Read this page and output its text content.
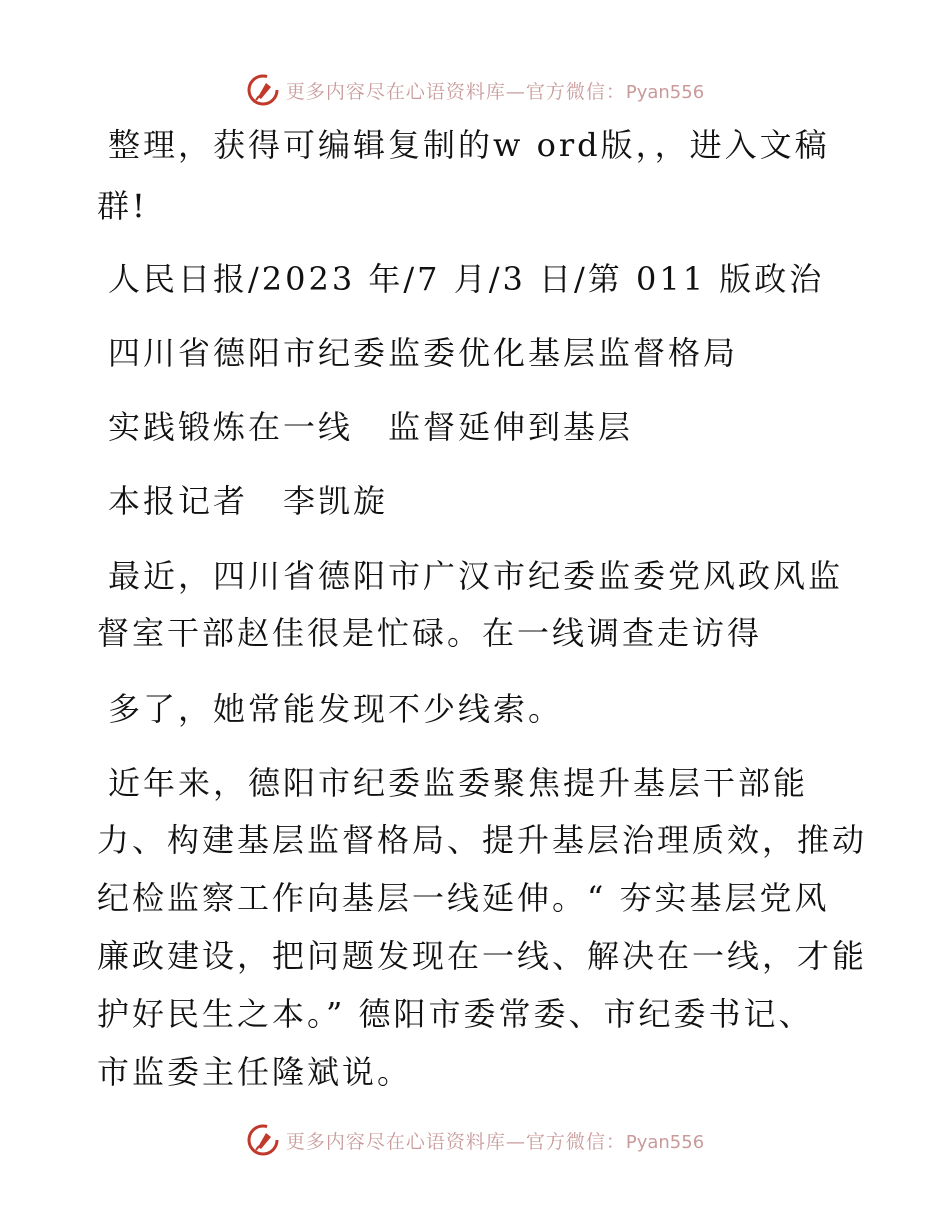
更多内容尽在心语资料库—官方微信：Pyan556
整理，获得可编辑复制的w ord版，，进入文稿
群!
人民日报/2023 年/7 月/3 日/第 011 版政治
四川省德阳市纪委监委优化基层监督格局
实践锻炼在一线　监督延伸到基层
本报记者　李凯旋
最近，四川省德阳市广汉市纪委监委党风政风监
督室干部赵佳很是忙碌。在一线调查走访得
多了，她常能发现不少线索。
近年来，德阳市纪委监委聚焦提升基层干部能
力、构建基层监督格局、提升基层治理质效，推动
纪检监察工作向基层一线延伸。“ 夯实基层党风
廉政建设，把问题发现在一线、解决在一线，才能
护好民生之本。” 德阳市委常委、市纪委书记、
市监委主任隆斌说。
更多内容尽在心语资料库—官方微信：Pyan556
